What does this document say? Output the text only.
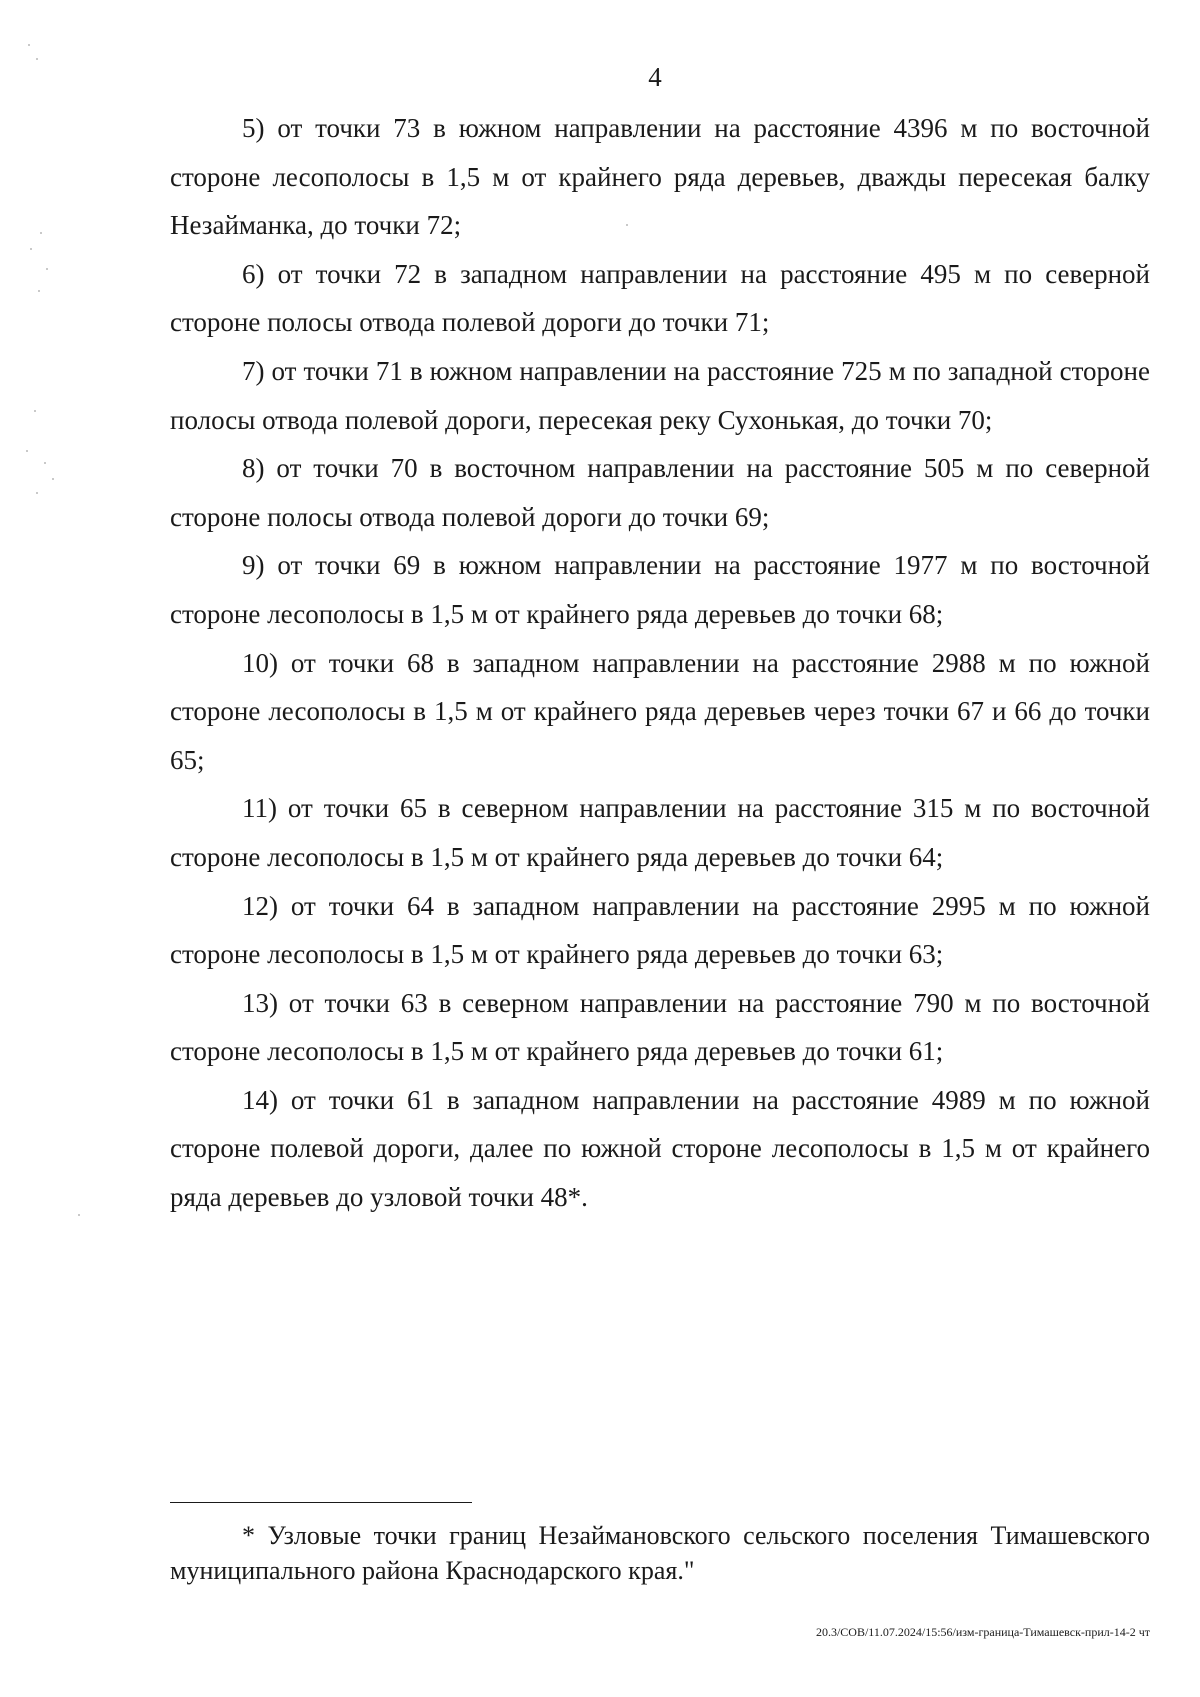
4

5) от точки 73 в южном направлении на расстояние 4396 м по восточной стороне лесополосы в 1,5 м от крайнего ряда деревьев, дважды пересекая балку Незайманка, до точки 72;

6) от точки 72 в западном направлении на расстояние 495 м по северной стороне полосы отвода полевой дороги до точки 71;

7) от точки 71 в южном направлении на расстояние 725 м по западной стороне полосы отвода полевой дороги, пересекая реку Сухонькая, до точки 70;

8) от точки 70 в восточном направлении на расстояние 505 м по северной стороне полосы отвода полевой дороги до точки 69;

9) от точки 69 в южном направлении на расстояние 1977 м по восточной стороне лесополосы в 1,5 м от крайнего ряда деревьев до точки 68;

10) от точки 68 в западном направлении на расстояние 2988 м по южной стороне лесополосы в 1,5 м от крайнего ряда деревьев через точки 67 и 66 до точки 65;

11) от точки 65 в северном направлении на расстояние 315 м по восточной стороне лесополосы в 1,5 м от крайнего ряда деревьев до точки 64;

12) от точки 64 в западном направлении на расстояние 2995 м по южной стороне лесополосы в 1,5 м от крайнего ряда деревьев до точки 63;

13) от точки 63 в северном направлении на расстояние 790 м по восточной стороне лесополосы в 1,5 м от крайнего ряда деревьев до точки 61;

14) от точки 61 в западном направлении на расстояние 4989 м по южной стороне полевой дороги, далее по южной стороне лесополосы в 1,5 м от крайнего ряда деревьев до узловой точки 48*.

* Узловые точки границ Незаймановского сельского поселения Тимашевского муниципального района Краснодарского края."

20.3/СОВ/11.07.2024/15:56/изм-граница-Тимашевск-прил-14-2 чт
